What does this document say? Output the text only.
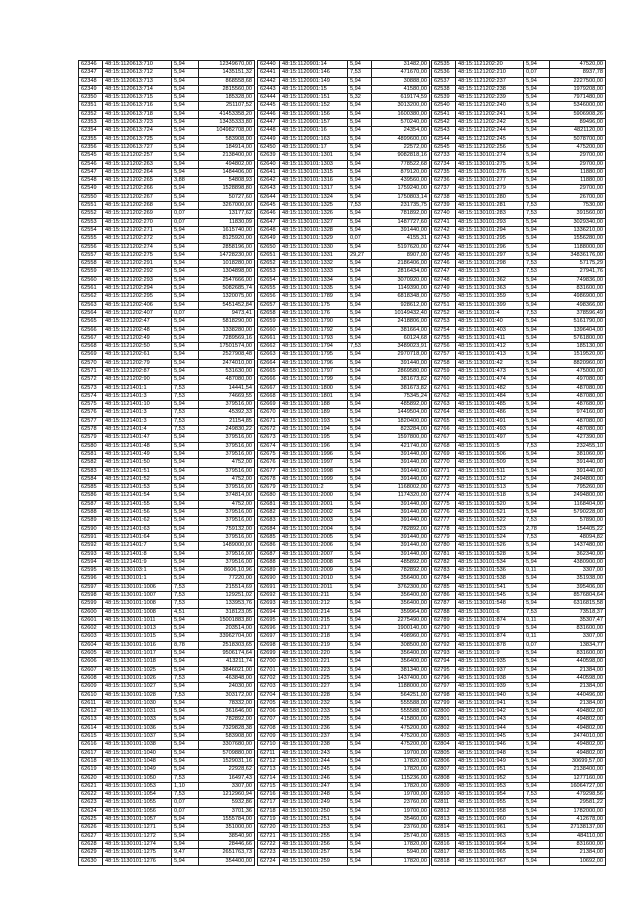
62346	48:15:1120613:710	5,94	12349670,00
62347	48:15:1120613:712	5,94	1435151,32
62348	48:15:1120613:713	5,94	868558,68
62349	48:15:1120613:714	5,94	2815560,00
62350	48:15:1120613:715	5,94	185328,00
62351	48:15:1120613:716	5,94	251107,52
62352	48:15:1120613:718	5,94	41453358,20
62353	48:15:1120613:723	5,94	13435333,80
62354	48:15:1120613:724	5,94	104982708,00
62355	48:15:1120613:725	5,94	583908,00
62356	48:15:1120613:727	5,94	184914,00
62545	48:15:1121202:257	5,94	2138400,00
62546	48:15:1121202:263	5,94	494802,00
62547	48:15:1121202:264	5,94	1484406,00
62548	48:15:1121202:265	3,88	54808,93
62549	48:15:1121202:266	5,94	1528898,80
62550	48:15:1121202:267	5,94	50727,60
62551	48:15:1121202:268	5,94	3267000,00
62552	48:15:1121202:269	0,07	13177,62
62553	48:15:1121202:270	0,07	11830,09
62554	48:15:1121202:271	5,94	1615740,00
62555	48:15:1121202:272	5,94	8125920,00
62556	48:15:1121202:274	5,94	2858196,00
62557	48:15:1121202:275	5,94	14728230,00
62558	48:15:1121202:291	5,94	1018280,00
62559	48:15:1121202:292	5,94	1304898,00
62560	48:15:1121202:293	5,94	2547666,00
62561	48:15:1121202:294	5,94	5082685,74
62562	48:15:1121202:295	5,94	1320075,00
62563	48:15:1121202:406	5,94	5451452,84
62564	48:15:1121202:407	0,07	9473,41
62565	48:15:1121202:47	5,94	5818290,00
62566	48:15:1121202:48	5,94	1338280,00
62567	48:15:1121202:49	5,94	7289569,16
62568	48:15:1121202:50	5,94	17501574,00
62569	48:15:1121202:61	5,94	2527908,48
62570	48:15:1121202:79	5,94	2474010,00
62571	48:15:1121202:87	5,94	531630,00
62572	48:15:1121202:90	5,94	487080,00
62573	48:15:1121401:1	7,53	14441,54
62574	48:15:1121401:3	7,53	74669,55
62575	48:15:1121401:10	5,94	379516,00
62576	48:15:1121401:3	7,53	45392,33
62577	48:15:1121401:3	7,53	21154,85
62578	48:15:1121401:4	7,53	249830,22
62579	48:15:1121401:47	5,94	379516,00
62580	48:15:1121401:48	5,94	379516,00
62581	48:15:1121401:49	5,94	379516,00
62582	48:15:1121401:50	5,94	4752,00
62583	48:15:1121401:51	5,94	379516,00
62584	48:15:1121401:52	5,94	4752,00
62585	48:15:1121401:53	5,94	379516,00
62586	48:15:1121401:54	5,94	374814,00
62587	48:15:1121401:55	5,94	4752,00
62588	48:15:1121401:56	5,94	379516,00
62589	48:15:1121401:62	5,94	379516,00
62590	48:15:1121401:63	5,94	759132,00
62591	48:15:1121401:64	5,94	379516,00
62592	48:15:1121401:7	5,94	1489000,00
62593	48:15:1121401:8	5,94	379516,00
62594	48:15:1121401:9	5,94	379516,00
62595	48:15:1130103:1	5,94	8606,10,96
62596	48:15:1130101:1	5,94	77220,00
62597	48:15:1130101:1006	7,53	215514,69
62598	48:15:1130101:1007	7,53	129251,02
62599	48:15:1130101:1008	7,53	133953,76
62600	48:15:1130101:1008	4,51	318123,05
62601	48:15:1130101:1011	5,94	15001883,80
62602	48:15:1130101:1013	5,94	203514,00
62603	48:15:1130101:1015	5,94	33962704,00
62604	48:15:1130101:1016	8,78	2518303,65
62605	48:15:1130101:1017	5,94	9506174,64
62606	48:15:1130101:1018	5,94	413211,74
62607	48:15:1130101:1025	5,94	3846021,00
62608	48:15:1130101:1026	7,53	463848,00
62609	48:15:1130101:1027	5,94	24030,00
62610	48:15:1130101:1028	7,53	303172,00
62611	48:15:1130101:1030	5,94	78332,00
62612	48:15:1130101:1031	5,94	361646,00
62613	48:15:1130101:1033	5,94	782892,00
62614	48:15:1130101:1036	5,94	7329828,38
62615	48:15:1130101:1037	5,94	583908,00
62616	48:15:1130101:1038	5,94	3307680,00
62617	48:15:1130101:1040	5,94	5709880,00
62618	48:15:1130101:1048	5,94	1529031,16
62619	48:15:1130101:1049	5,94	22928,62
62620	48:15:1130101:1050	7,53	16497,43
62621	48:15:1130101:1053	1,10	3307,00
62622	48:15:1130101:1054	7,53	1212960,94
62623	48:15:1130101:1055	0,07	5932,86
62624	48:15:1130101:1056	0,07	3701,36
62625	48:15:1130101:1057	5,94	1555784,00
62626	48:15:1130101:1271	5,94	351000,00
62627	48:15:1130101:1272	5,94	38540,90
62628	48:15:1130101:1274	5,94	28446,66
62629	48:15:1130101:1275	9,47	2651763,73
62630	48:15:1130101:1276	5,94	354400,00
62440	48:15:1120901:14	5,94	31482,00
62441	48:15:1120901:146	7,53	471670,00
62442	48:15:1120901:149	5,94	30888,00
62443	48:15:1120901:15	5,94	41580,00
62444	48:15:1120901:151	5,32	619174,59
62445	48:15:1120901:152	5,94	3013200,00
62446	48:15:1120901:156	5,94	1600380,00
62447	48:15:1120901:157	5,94	570240,00
62448	48:15:1120901:16	5,94	24354,00
62449	48:15:1120901:163	5,94	4899600,00
62450	48:15:1120901:17	5,94	22572,00
62639	48:15:1130101:1301	5,94	9082818,16
62640	48:15:1130101:1303	5,94	778522,68
62641	48:15:1130101:1315	5,94	879120,00
62642	48:15:1130101:1316	5,94	439560,00
62643	48:15:1130101:1317	5,94	1759240,00
62644	48:15:1130101:1324	5,94	1750803,14
62645	48:15:1130101:1325	7,53	231735,75
62646	48:15:1130101:1326	5,94	781892,00
62647	48:15:1130101:1327	5,94	1487727,60
62648	48:15:1130101:1328	5,94	391440,00
62649	48:15:1130101:1329	0,07	4155,31
62650	48:15:1130101:1330	5,94	5197620,00
62651	48:15:1130101:1331	29,27	8907,00
62652	48:15:1130101:1332	5,94	2186406,00
62653	48:15:1130101:1333	5,94	2816434,00
62654	48:15:1130101:1334	5,94	3070920,00
62655	48:15:1130101:1335	5,94	1149390,00
62656	48:15:1130101:1789	5,94	6818348,00
62657	48:15:1130101:175	5,94	928612,00
62658	48:15:1130101:176	5,94	10149432,40
62659	48:15:1130101:1790	5,94	2418806,00
62660	48:15:1130101:1792	5,94	381664,00
62661	48:15:1130101:1793	5,94	60124,68
62662	48:15:1130101:1794	7,53	3489023,91
62663	48:15:1130101:1795	5,94	2970718,00
62664	48:15:1130101:1796	5,94	391440,00
62665	48:15:1130101:1797	5,94	2869580,00
62666	48:15:1130101:1799	5,94	381673,82
62667	48:15:1130101:1800	5,94	381673,82
62668	48:15:1130101:1801	5,94	75345,24
62669	48:15:1130101:188	5,94	485892,00
62670	48:15:1130101:189	5,94	1449504,00
62671	48:15:1130101:193	5,94	1820400,00
62672	48:15:1130101:194	5,94	823284,00
62673	48:15:1130101:195	5,94	1597800,00
62674	48:15:1130101:196	5,94	421740,00
62675	48:15:1130101:1996	5,94	391440,00
62676	48:15:1130101:1997	5,94	391440,00
62677	48:15:1130101:1998	5,94	391440,00
62678	48:15:1130101:1999	5,94	391440,00
62679	48:15:1130101:2	5,94	1168002,00
62680	48:15:1130101:2000	5,94	1174320,00
62681	48:15:1130101:2001	5,94	391440,00
62682	48:15:1130101:2002	5,94	391440,00
62683	48:15:1130101:2003	5,94	391440,00
62684	48:15:1130101:2004	5,94	782892,00
62685	48:15:1130101:2005	5,94	391440,00
62686	48:15:1130101:2006	5,94	391440,00
62687	48:15:1130101:2007	5,94	391440,00
62688	48:15:1130101:2008	5,94	485892,00
62689	48:15:1130101:2009	5,94	782892,00
62690	48:15:1130101:2010	5,94	356400,00
62691	48:15:1130101:2011	5,94	3762300,00
62692	48:15:1130101:211	5,94	356400,00
62693	48:15:1130101:212	5,94	356400,00
62694	48:15:1130101:214	5,94	359964,00
62695	48:15:1130101:215	5,94	2275490,00
62696	48:15:1130101:217	5,94	1900140,00
62697	48:15:1130101:218	5,94	498960,00
62698	48:15:1130101:219	5,94	308500,00
62699	48:15:1130101:220	5,94	356400,00
62700	48:15:1130101:221	5,94	356400,00
62701	48:15:1130101:223	5,94	381340,00
62702	48:15:1130101:225	5,94	1437400,00
62703	48:15:1130101:227	5,94	1188000,00
62704	48:15:1130101:228	5,94	564251,00
62705	48:15:1130101:232	5,94	555588,00
62706	48:15:1130101:233	5,94	555588,00
62707	48:15:1130101:235	5,94	415800,00
62708	48:15:1130101:236	5,94	475200,00
62709	48:15:1130101:237	5,94	475200,00
62710	48:15:1130101:238	5,94	475200,00
62711	48:15:1130101:243	5,94	19700,00
62712	48:15:1130101:244	5,94	17820,00
62713	48:15:1130101:245	5,94	17820,00
62714	48:15:1130101:246	5,94	115236,00
62715	48:15:1130101:247	5,94	17820,00
62716	48:15:1130101:248	5,94	19700,00
62717	48:15:1130101:249	5,94	23760,00
62718	48:15:1130101:250	5,94	19700,00
62719	48:15:1130101:251	5,94	35460,00
62720	48:15:1130101:253	5,94	23760,00
62721	48:15:1130101:255	5,94	25740,00
62722	48:15:1130101:256	5,94	17820,00
62723	48:15:1130101:257	5,94	5940,00
62724	48:15:1130101:259	5,94	17820,00
62535	48:15:1121202:20	5,94	47520,00
62536	48:15:1121202:210	0,07	8937,78
62537	48:15:1121202:237	5,94	2227500,00
62538	48:15:1121202:238	5,94	1979208,00
62539	48:15:1121202:239	5,94	7971480,00
62540	48:15:1121202:240	5,94	5346000,00
62541	48:15:1121202:241	5,94	5906908,26
62542	48:15:1121202:242	5,94	89496,00
62543	48:15:1121202:244	5,94	4821120,00
62544	48:15:1121202:245	5,94	5078700,00
62545	48:15:1121202:256	5,94	475200,00
62733	48:15:1130101:274	5,94	29700,00
62734	48:15:1130101:275	5,94	29700,00
62735	48:15:1130101:276	5,94	11880,00
62736	48:15:1130101:277	5,94	11880,00
62737	48:15:1130101:279	5,94	29700,00
62738	48:15:1130101:280	5,94	26700,00
62739	48:15:1130101:281	7,53	7530,00
62740	48:15:1130101:283	7,53	391560,00
62741	48:15:1130101:293	5,94	3029340,00
62742	48:15:1130101:294	5,94	1336210,00
62743	48:15:1130101:295	5,94	1556280,00
62744	48:15:1130101:296	5,94	1188000,00
62745	48:15:1130101:297	5,94	34836176,00
62746	48:15:1130101:298	7,53	57175,29
62747	48:15:1130101:3	7,53	27941,76
62748	48:15:1130101:362	5,94	749836,00
62749	48:15:1130101:363	5,94	831600,00
62750	48:15:1130101:359	5,94	4986900,00
62751	48:15:1130101:399	5,94	498366,00
62752	48:15:1130101:4	7,53	378596,49
62753	48:15:1130101:40	5,94	5161790,00
62754	48:15:1130101:403	5,94	1396404,00
62755	48:15:1130101:411	5,94	5761800,00
62756	48:15:1130101:412	5,94	185130,00
62757	48:15:1130101:413	5,94	1519520,00
62758	48:15:1130101:42	5,94	8820960,00
62759	48:15:1130101:473	5,94	475000,00
62760	48:15:1130101:474	5,94	497080,00
62761	48:15:1130101:482	5,94	487080,00
62762	48:15:1130101:484	5,94	487080,00
62763	48:15:1130101:485	5,94	487680,00
62764	48:15:1130101:486	5,94	974160,00
62765	48:15:1130101:491	5,94	487080,00
62766	48:15:1130101:493	5,94	487080,00
62767	48:15:1130101:497	5,94	427390,00
62768	48:15:1130101:5	7,53	232455,10
62769	48:15:1130101:506	5,94	381060,00
62770	48:15:1130101:509	5,94	391440,00
62771	48:15:1130101:511	5,94	391440,00
62772	48:15:1130101:512	5,94	2494800,00
62773	48:15:1130101:513	5,94	795260,00
62774	48:15:1130101:518	5,94	2494800,00
62775	48:15:1130101:520	5,94	1168404,00
62776	48:15:1130101:521	5,94	5790228,00
62777	48:15:1130101:522	7,53	57890,00
62778	48:15:1130101:523	2,78	154405,22
62779	48:15:1130101:524	7,53	48094,82
62780	48:15:1130101:526	5,94	1437480,00
62781	48:15:1130101:528	5,94	362340,00
62782	48:15:1130101:534	5,94	4380900,00
62783	48:15:1130101:536	0,11	3307,00
62784	48:15:1130101:538	5,94	351938,00
62785	48:15:1130101:541	5,94	395406,00
62786	48:15:1130101:545	5,94	8576804,64
62787	48:15:1130101:548	5,94	6316815,58
62788	48:15:1130101:6	7,53	73518,37
62789	48:15:1130101:874	0,11	35307,47
62790	48:15:1130101:9	5,94	831600,00
62791	48:15:1130101:874	0,11	3307,00
62792	48:15:1130101:878	0,07	13834,77
62793	48:15:1130101:9	5,94	831600,00
62794	48:15:1130101:935	5,94	440598,00
62795	48:15:1130101:937	5,94	21384,00
62796	48:15:1130101:938	5,94	440598,00
62797	48:15:1130101:939	5,94	21384,00
62798	48:15:1130101:940	5,94	440496,00
62799	48:15:1130101:941	5,94	21384,00
62800	48:15:1130101:942	5,94	494802,00
62801	48:15:1130101:943	5,94	494802,00
62802	48:15:1130101:944	5,94	494802,00
62803	48:15:1130101:945	5,94	2474010,00
62804	48:15:1130101:946	5,94	494802,00
62805	48:15:1130101:948	5,94	494802,00
62806	48:15:1130101:949	5,94	30699,57,00
62807	48:15:1130101:951	5,94	2138400,00
62808	48:15:1130101:952	5,94	1277160,00
62809	48:15:1130101:953	5,94	16064727,00
62810	48:15:1130101:954	7,53	479298,56
62811	48:15:1130101:955	5,94	29581,22
62812	48:15:1130101:958	5,94	1782000,00
62813	48:15:1130101:960	5,94	412678,00
62814	48:15:1130101:961	5,94	27138137,00
62815	48:15:1130101:963	5,94	484110,00
62816	48:15:1130101:964	5,94	831600,00
62817	48:15:1130101:965	5,94	21384,00
62818	48:15:1130101:967	5,94	10692,00
